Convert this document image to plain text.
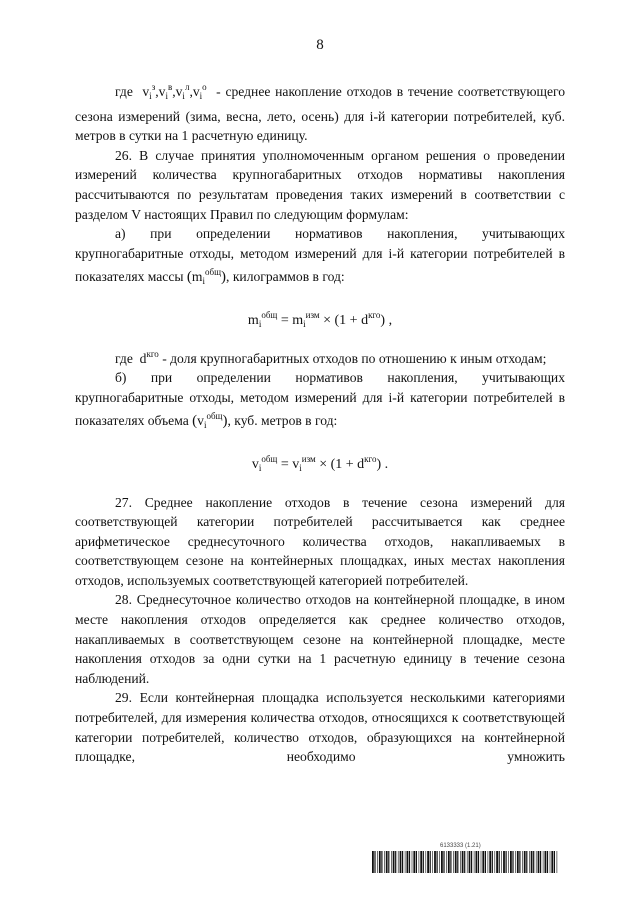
8

где $v_i^з,v_i^в,v_i^л,v_i^о$ - среднее накопление отходов в течение соответствующего сезона измерений (зима, весна, лето, осень) для i-й категории потребителей, куб. метров в сутки на 1 расчетную единицу.

26. В случае принятия уполномоченным органом решения о проведении измерений количества крупногабаритных отходов нормативы накопления рассчитываются по результатам проведения таких измерений в соответствии с разделом V настоящих Правил по следующим формулам:

а) при определении нормативов накопления, учитывающих крупногабаритные отходы, методом измерений для i-й категории потребителей в показателях массы $(m_i^{общ})$, килограммов в год:

$m_i^{общ} = m_i^{изм} \times (1 + d^{кго})$ ,

где $d^{кго}$ - доля крупногабаритных отходов по отношению к иным отходам;

б) при определении нормативов накопления, учитывающих крупногабаритные отходы, методом измерений для i-й категории потребителей в показателях объема $(v_i^{общ})$, куб. метров в год:

$v_i^{общ} = v_i^{изм} \times (1 + d^{кго})$ .

27. Среднее накопление отходов в течение сезона измерений для соответствующей категории потребителей рассчитывается как среднее арифметическое среднесуточного количества отходов, накапливаемых в соответствующем сезоне на контейнерных площадках, иных местах накопления отходов, используемых соответствующей категорией потребителей.

28. Среднесуточное количество отходов на контейнерной площадке, в ином месте накопления отходов определяется как среднее количество отходов, накапливаемых в соответствующем сезоне на контейнерной площадке, месте накопления отходов за одни сутки на 1 расчетную единицу в течение сезона наблюдений.

29. Если контейнерная площадка используется несколькими категориями потребителей, для измерения количества отходов, относящихся к соответствующей категории потребителей, количество отходов, образующихся на контейнерной площадке, необходимо умножить

6133333 (1.21)
